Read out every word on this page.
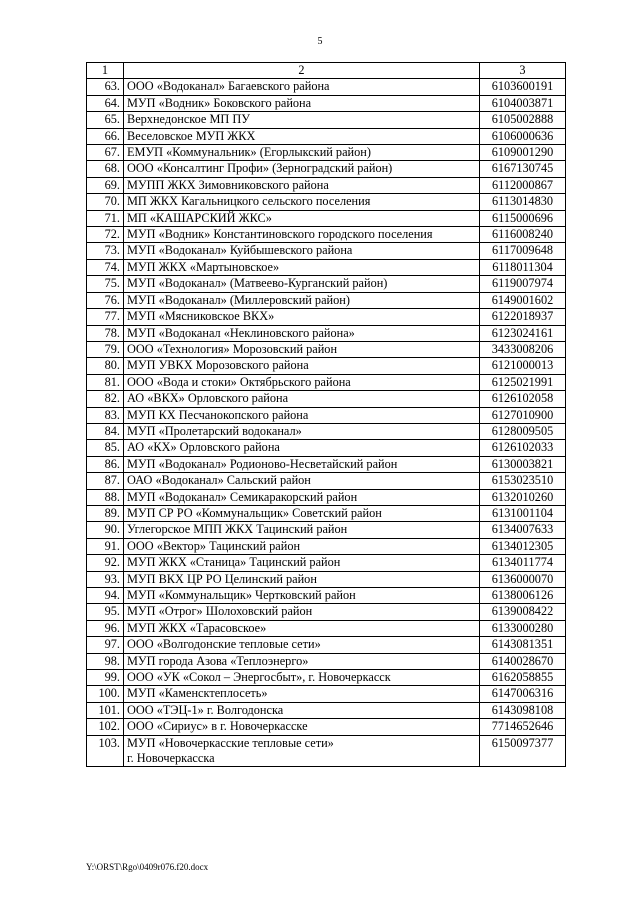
5
1	2	3
63.	ООО «Водоканал» Багаевского района	6103600191
64.	МУП «Водник» Боковского района	6104003871
65.	Верхнедонское МП ПУ	6105002888
66.	Веселовское МУП ЖКХ	6106000636
67.	ЕМУП «Коммунальник» (Егорлыкский район)	6109001290
68.	ООО «Консалтинг Профи» (Зерноградский район)	6167130745
69.	МУПП ЖКХ Зимовниковского района	6112000867
70.	МП ЖКХ Кагальницкого сельского поселения	6113014830
71.	МП «КАШАРСКИЙ ЖКС»	6115000696
72.	МУП «Водник» Константиновского городского поселения	6116008240
73.	МУП «Водоканал» Куйбышевского района	6117009648
74.	МУП ЖКХ «Мартыновское»	6118011304
75.	МУП «Водоканал» (Матвеево-Курганский район)	6119007974
76.	МУП «Водоканал» (Миллеровский район)	6149001602
77.	МУП «Мясниковское ВКХ»	6122018937
78.	МУП «Водоканал «Неклиновского района»	6123024161
79.	ООО «Технология» Морозовский район	3433008206
80.	МУП УВКХ Морозовского района	6121000013
81.	ООО «Вода и стоки» Октябрьского района	6125021991
82.	АО «ВКХ» Орловского района	6126102058
83.	МУП КХ Песчанокопского района	6127010900
84.	МУП «Пролетарский водоканал»	6128009505
85.	АО «КХ» Орловского района	6126102033
86.	МУП «Водоканал» Родионово-Несветайский район	6130003821
87.	ОАО «Водоканал» Сальский район	6153023510
88.	МУП «Водоканал» Семикаракорский район	6132010260
89.	МУП СР РО «Коммунальщик» Советский район	6131001104
90.	Углегорское МПП ЖКХ Тацинский район	6134007633
91.	ООО «Вектор» Тацинский район	6134012305
92.	МУП ЖКХ «Станица» Тацинский район	6134011774
93.	МУП ВКХ ЦР РО Целинский район	6136000070
94.	МУП «Коммунальщик» Чертковский район	6138006126
95.	МУП «Отрог» Шолоховский район	6139008422
96.	МУП ЖКХ «Тарасовское»	6133000280
97.	ООО «Волгодонские тепловые сети»	6143081351
98.	МУП города Азова «Теплоэнерго»	6140028670
99.	ООО «УК «Сокол – Энергосбыт», г. Новочеркасск	6162058855
100.	МУП «Каменсктеплосеть»	6147006316
101.	ООО «ТЭЦ-1» г. Волгодонска	6143098108
102.	ООО «Сириус» в г. Новочеркасске	7714652646
103.	МУП «Новочеркасские тепловые сети»
г. Новочеркасска	6150097377
Y:\ORST\Rgo\0409r076.f20.docx
